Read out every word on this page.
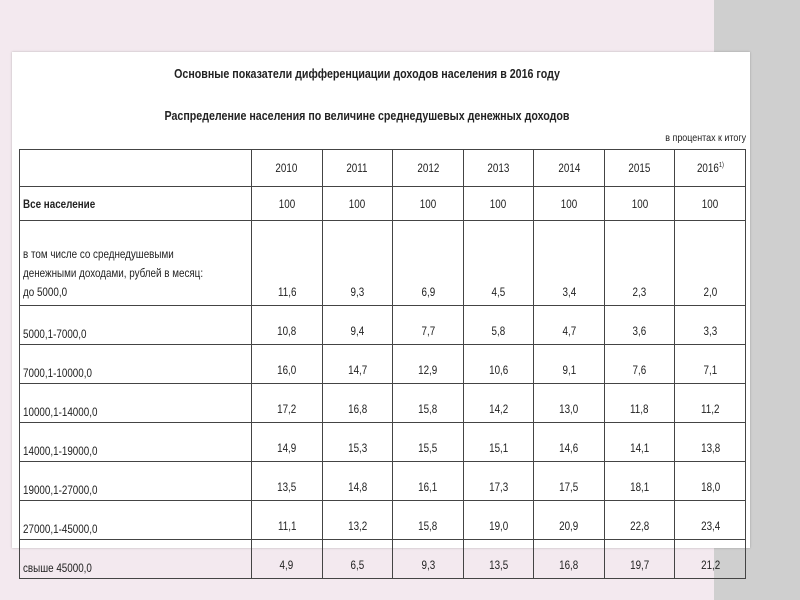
Основные показатели дифференциации доходов населения в 2016 году
Распределение населения по величине среднедушевых денежных доходов
в процентах к итогу
	2010	2011	2012	2013	2014	2015	2016$^{1)}$
Все население	100	100	100	100	100	100	100
в том числе со среднедушевыми
денежными доходами, рублей в месяц:
до 5000,0	11,6	9,3	6,9	4,5	3,4	2,3	2,0
5000,1-7000,0	10,8	9,4	7,7	5,8	4,7	3,6	3,3
7000,1-10000,0	16,0	14,7	12,9	10,6	9,1	7,6	7,1
10000,1-14000,0	17,2	16,8	15,8	14,2	13,0	11,8	11,2
14000,1-19000,0	14,9	15,3	15,5	15,1	14,6	14,1	13,8
19000,1-27000,0	13,5	14,8	16,1	17,3	17,5	18,1	18,0
27000,1-45000,0	11,1	13,2	15,8	19,0	20,9	22,8	23,4
свыше 45000,0	4,9	6,5	9,3	13,5	16,8	19,7	21,2
